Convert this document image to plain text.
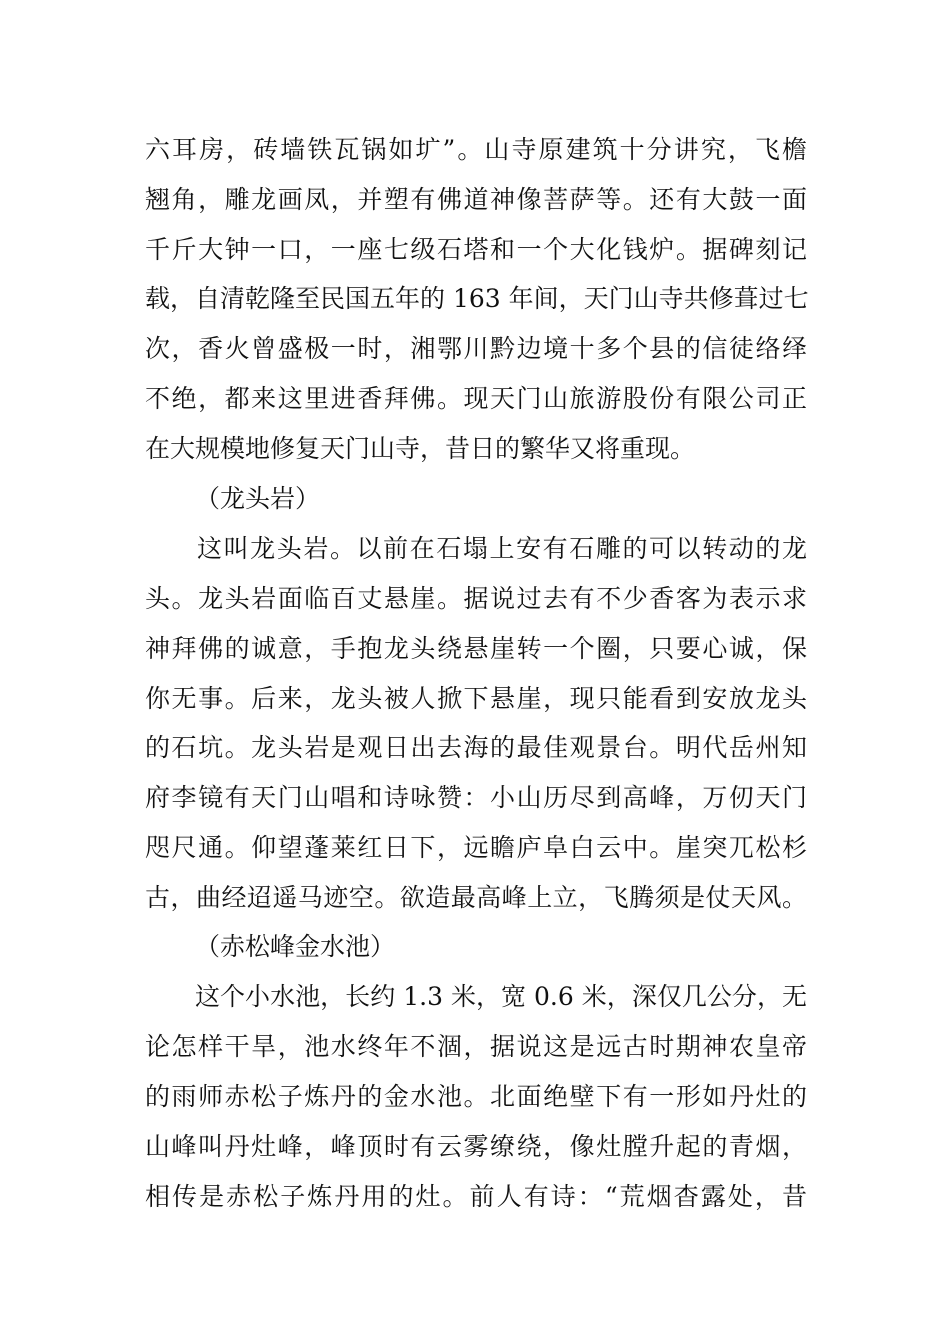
六耳房，砖墙铁瓦锅如圹”。山寺原建筑十分讲究，飞檐
翘角，雕龙画凤，并塑有佛道神像菩萨等。还有大鼓一面
千斤大钟一口，一座七级石塔和一个大化钱炉。据碑刻记
载，自清乾隆至民国五年的 163 年间，天门山寺共修葺过七
次，香火曾盛极一时，湘鄂川黔边境十多个县的信徒络绎
不绝，都来这里进香拜佛。现天门山旅游股份有限公司正
在大规模地修复天门山寺，昔日的繁华又将重现。
（龙头岩）
这叫龙头岩。以前在石塌上安有石雕的可以转动的龙
头。龙头岩面临百丈悬崖。据说过去有不少香客为表示求
神拜佛的诚意，手抱龙头绕悬崖转一个圈，只要心诚，保
你无事。后来，龙头被人掀下悬崖，现只能看到安放龙头
的石坑。龙头岩是观日出去海的最佳观景台。明代岳州知
府李镜有天门山唱和诗咏赞：小山历尽到高峰，万仞天门
咫尺通。仰望蓬莱红日下，远瞻庐阜白云中。崖突兀松杉
古，曲经迢遥马迹空。欲造最高峰上立，飞腾须是仗天风。
（赤松峰金水池）
这个小水池，长约 1.3 米，宽 0.6 米，深仅几公分，无
论怎样干旱，池水终年不涸，据说这是远古时期神农皇帝
的雨师赤松子炼丹的金水池。北面绝壁下有一形如丹灶的
山峰叫丹灶峰，峰顶时有云雾缭绕，像灶膛升起的青烟，
相传是赤松子炼丹用的灶。前人有诗：“荒烟杳露处，昔
